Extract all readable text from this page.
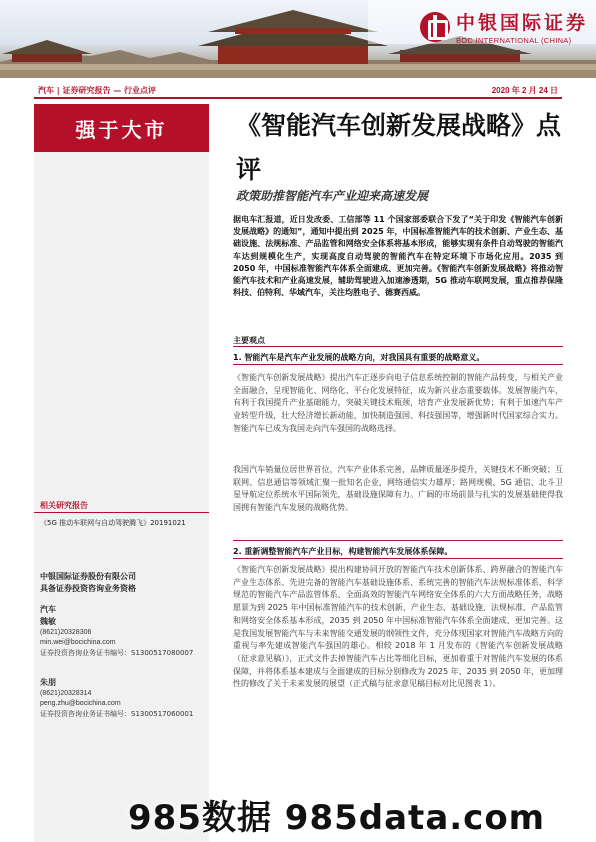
中银国际证券
BOC INTERNATIONAL (CHINA)
汽车 | 证券研究报告 — 行业点评	2020 年 2 月 24 日
强于大市
相关研究报告
《5G 推动车联网与自动驾驶腾飞》20191021
中银国际证券股份有限公司
具备证券投资咨询业务资格
汽车
魏敏
(8621)20328306
min.wei@bocichina.com
证券投资咨询业务证书编号：S1300517080007
朱朋
(8621)20328314
peng.zhu@bocichina.com
证券投资咨询业务证书编号：S1300517060001
《智能汽车创新发展战略》点评
政策助推智能汽车产业迎来高速发展
据电车汇报道，近日发改委、工信部等 11 个国家部委联合下发了“关于印发《智能汽车创新发展战略》的通知”，通知中提出到 2025 年，中国标准智能汽车的技术创新、产业生态、基础设施、法规标准、产品监管和网络安全体系将基本形成，能够实现有条件自动驾驶的智能汽车达到规模化生产，实现高度自动驾驶的智能汽车在特定环境下市场化应用。2035 到 2050 年，中国标准智能汽车体系全面建成、更加完善。《智能汽车创新发展战略》将推动智能汽车技术和产业高速发展，辅助驾驶进入加速渗透期，5G 推动车联网发展，重点推荐保隆科技、伯特利、华域汽车，关注均胜电子、德赛西威。
主要观点
1. 智能汽车是汽车产业发展的战略方向，对我国具有重要的战略意义。
《智能汽车创新发展战略》提出汽车正逐步向电子信息系统控制的智能产品转变，与相关产业全面融合，呈现智能化、网络化、平台化发展特征，成为新兴业态重要载体。发展智能汽车，有利于我国提升产业基础能力，突破关键技术瓶颈，培育产业发展新优势；有利于加速汽车产业转型升级，壮大经济增长新动能，加快制造强国、科技强国等，增强新时代国家综合实力。智能汽车已成为我国走向汽车强国的战略选择。
我国汽车销量位居世界首位，汽车产业体系完善，品牌质量逐步提升，关键技术不断突破；互联网、信息通信等领域汇聚一批知名企业，网络通信实力雄厚；路网规模、5G 通信、北斗卫星导航定位系统水平国际领先，基础设施保障有力。广阔的市场前景与扎实的发展基础使得我国拥有智能汽车发展的战略优势。
2. 重新调整智能汽车产业目标，构建智能汽车发展体系保障。
《智能汽车创新发展战略》提出构建协同开放的智能汽车技术创新体系、跨界融合的智能汽车产业生态体系、先进完备的智能汽车基础设施体系、系统完善的智能汽车法规标准体系、科学规范的智能汽车产品监管体系、全面高效的智能汽车网络安全体系的六大方面战略任务，战略愿景为到 2025 年中国标准智能汽车的技术创新、产业生态、基础设施、法规标准、产品监管和网络安全体系基本形成，2035 到 2050 年中国标准智能汽车体系全面建成、更加完善。这是我国发展智能汽车与未来智能交通发展的纲领性文件，充分体现国家对智能汽车战略方向的重视与率先建成智能汽车强国的雄心。相较 2018 年 1 月发布的《智能汽车创新发展战略（征求意见稿）》，正式文件去掉智能汽车占比等细化目标，更加着重于对智能汽车发展的体系保障，并将体系基本建成与全面建成的目标分别修改为 2025 年、2035 到 2050 年，更加理性的修改了关于未来发展的展望（正式稿与征求意见稿目标对比见图表 1）。
985数据 985data.com
